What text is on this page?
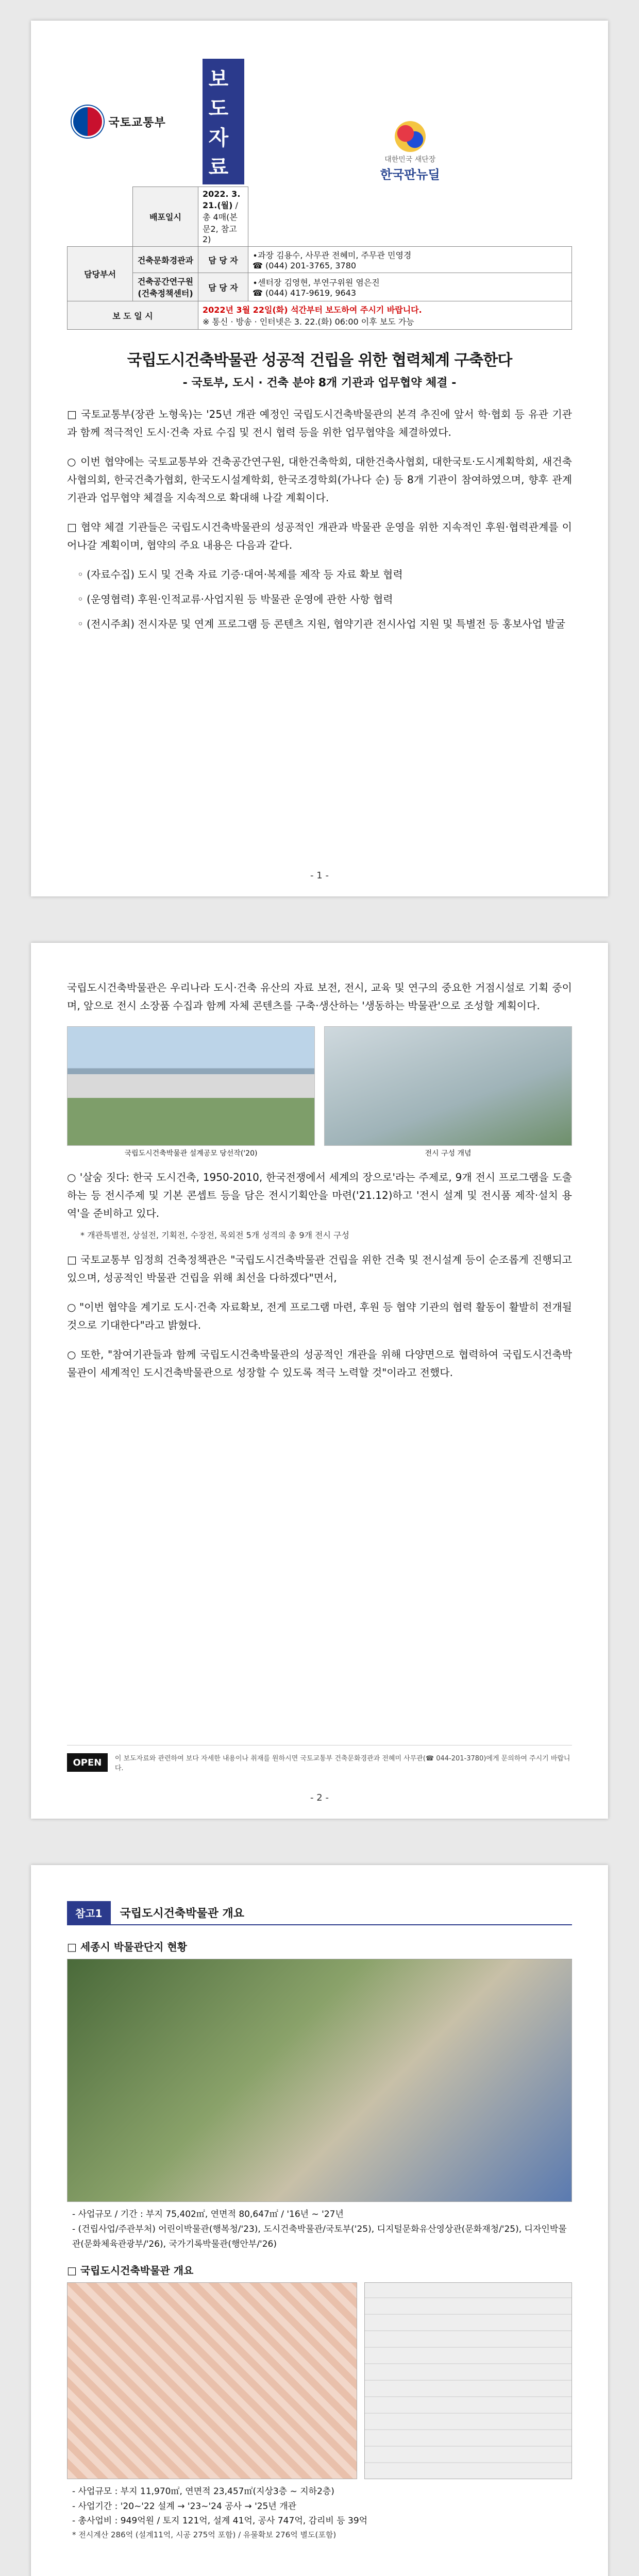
국토교통부		보 도 자 료	대한민국 새단장
한국판뉴딜

	배포일시	2022. 3. 21.(월) / 총 4매(본문2, 참고2)	
담당부서	건축문화경관과	담 당 자	∙과장 김용수, 사무관 전혜미, 주무관 민영경
☎ (044) 201-3765, 3780

	건축공간연구원 (건축정책센터)	담 당 자	∙센터장 김영현, 부연구위원 염은진
☎ (044) 417-9619, 9643

보 도 일 시		2022년 3월 22일(화) 석간부터 보도하여 주시기 바랍니다.
※ 통신 · 방송 · 인터넷은 3. 22.(화) 06:00 이후 보도 가능	
국립도시건축박물관 성공적 건립을 위한 협력체계 구축한다
- 국토부, 도시 · 건축 분야 8개 기관과 업무협약 체결 -

□ 국토교통부(장관 노형욱)는 '25년 개관 예정인 국립도시건축박물관의 본격 추진에 앞서 학·협회 등 유관 기관과 함께 적극적인 도시·건축 자료 수집 및 전시 협력 등을 위한 업무협약을 체결하였다.

○ 이번 협약에는 국토교통부와 건축공간연구원, 대한건축학회, 대한건축사협회, 대한국토·도시계획학회, 새건축사협의회, 한국건축가협회, 한국도시설계학회, 한국조경학회(가나다 순) 등 8개 기관이 참여하였으며, 향후 관계기관과 업무협약 체결을 지속적으로 확대해 나갈 계획이다.

□ 협약 체결 기관들은 국립도시건축박물관의 성공적인 개관과 박물관 운영을 위한 지속적인 후원·협력관계를 이어나갈 계획이며, 협약의 주요 내용은 다음과 같다.

◦ (자료수집) 도시 및 건축 자료 기증·대여·복제를 제작 등 자료 확보 협력
◦ (운영협력) 후원·인적교류·사업지원 등 박물관 운영에 관한 사항 협력
◦ (전시주최) 전시자문 및 연계 프로그램 등 콘텐츠 지원, 협약기관 전시사업 지원 및 특별전 등 홍보사업 발굴
- 1 -

국립도시건축박물관은 우리나라 도시·건축 유산의 자료 보전, 전시, 교육 및 연구의 중요한 거점시설로 기획 중이며, 앞으로 전시 소장품 수집과 함께 자체 콘텐츠를 구축·생산하는 '생동하는 박물관'으로 조성할 계획이다.

국립도시건축박물관 설계공모 당선작('20)	전시 구성 개념

○ '살숨 짓다: 한국 도시건축, 1950-2010, 한국전쟁에서 세계의 장으로'라는 주제로, 9개 전시 프로그램을 도출하는 등 전시주제 및 기본 콘셉트 등을 담은 전시기획안을 마련('21.12)하고 '전시 설계 및 전시품 제작·설치 용역'을 준비하고 있다.

* 개관특별전, 상설전, 기획전, 수장전, 목외전 5개 성격의 총 9개 전시 구성

□ 국토교통부 임정희 건축정책관은 "국립도시건축박물관 건립을 위한 건축 및 전시설계 등이 순조롭게 진행되고 있으며, 성공적인 박물관 건립을 위해 최선을 다하겠다"면서,

○ "이번 협약을 계기로 도시·건축 자료확보, 전게 프로그램 마련, 후원 등 협약 기관의 협력 활동이 활발히 전개될 것으로 기대한다"라고 밝혔다.

○ 또한, "참여기관들과 함께 국립도시건축박물관의 성공적인 개관을 위해 다양면으로 협력하여 국립도시건축박물관이 세계적인 도시건축박물관으로 성장할 수 있도록 적극 노력할 것"이라고 전했다.

OPEN	이 보도자료와 관련하여 보다 자세한 내용이나 취재를 원하시면 국토교통부 건축문화경관과 전혜미 사무관(☎ 044-201-3780)에게 문의하여 주시기 바랍니다.
- 2 -
참고1	국립도시건축박물관 개요
□ 세종시 박물관단지 현황
- 사업규모 / 기간 : 부지 75,402㎡, 연면적 80,647㎡ / '16년 ~ '27년
- (건립사업/주관부처) 어린이박물관(행복청/'23), 도시건축박물관/국토부('25), 디지털문화유산영상관(문화재청/'25), 디자인박물관(문화체육관광부/'26), 국가기록박물관(행안부/'26)
□ 국립도시건축박물관 개요
- 사업규모 : 부지 11,970㎡, 연면적 23,457㎡(지상3층 ~ 지하2층)
- 사업기간 : '20~'22 설계 → '23~'24 공사 → '25년 개관
- 총사업비 : 949억원 / 토지 121억, 설계 41억, 공사 747억, 감리비 등 39억
* 전시계산 286억 (설계11억, 시공 275억 포함) / 유물확보 276억 별도(포함)
